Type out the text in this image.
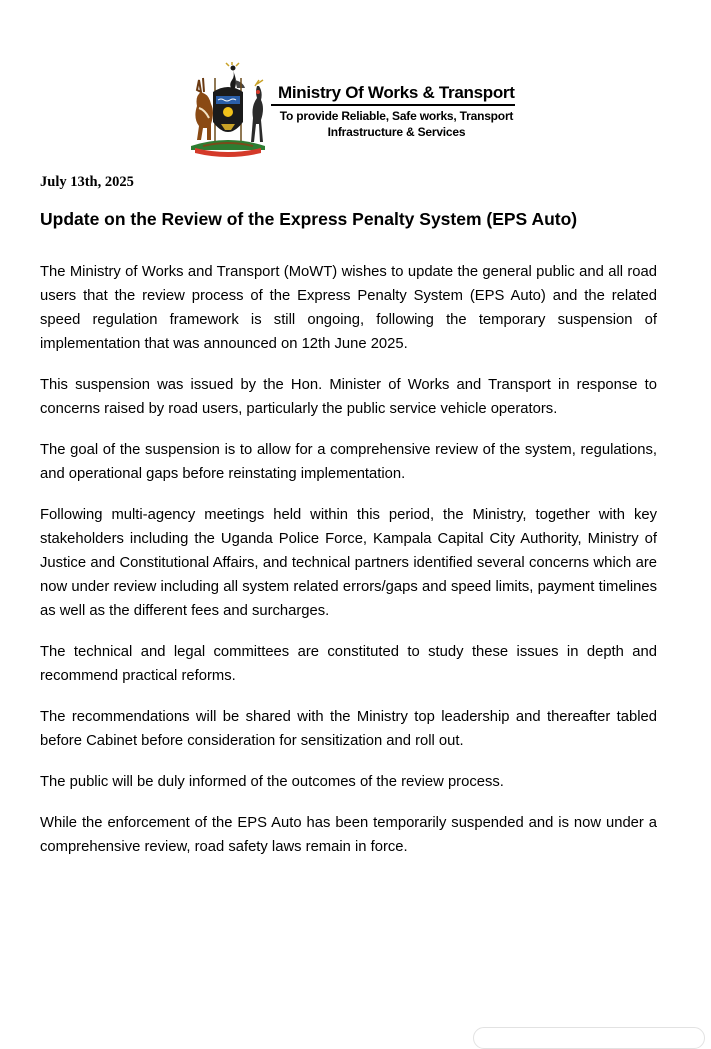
Ministry Of Works & Transport
To provide Reliable, Safe works, Transport
Infrastructure & Services
July 13th, 2025
Update on the Review of the Express Penalty System (EPS Auto)

The Ministry of Works and Transport (MoWT) wishes to update the general public and all road users that the review process of the Express Penalty System (EPS Auto) and the related speed regulation framework is still ongoing, following the temporary suspension of implementation that was announced on 12th June 2025.

This suspension was issued by the Hon. Minister of Works and Transport in response to concerns raised by road users, particularly the public service vehicle operators.

The goal of the suspension is to allow for a comprehensive review of the system, regulations, and operational gaps before reinstating implementation.

Following multi-agency meetings held within this period, the Ministry, together with key stakeholders including the Uganda Police Force, Kampala Capital City Authority, Ministry of Justice and Constitutional Affairs, and technical partners identified several concerns which are now under review including all system related errors/gaps and speed limits, payment timelines as well as the different fees and surcharges.

The technical and legal committees are constituted to study these issues in depth and recommend practical reforms.

The recommendations will be shared with the Ministry top leadership and thereafter tabled before Cabinet before consideration for sensitization and roll out.

The public will be duly informed of the outcomes of the review process.

While the enforcement of the EPS Auto has been temporarily suspended and is now under a comprehensive review, road safety laws remain in force.
